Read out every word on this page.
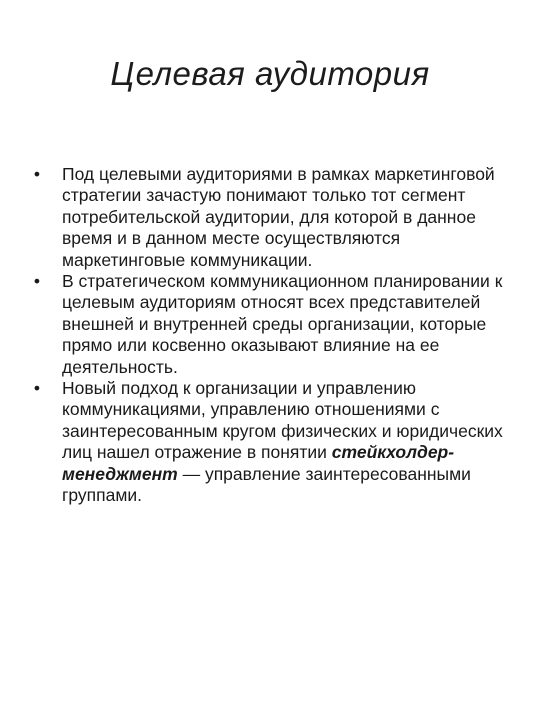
Целевая аудитория
• Под целевыми аудиториями в рамках маркетинговой стратегии зачастую понимают только тот сегмент потребительской аудитории, для которой в данное время и в данном месте осуществляются маркетинговые коммуникации.
• В стратегическом коммуникационном планировании к целевым аудиториям относят всех представителей внешней и внутренней среды организации, которые прямо или косвенно оказывают влияние на ее деятельность.
• Новый подход к организации и управлению коммуникациями, управлению отношениями с заинтересованным кругом физических и юридических лиц нашел отражение в понятии стейкхолдер-менеджмент — управление заинтересованными группами.
